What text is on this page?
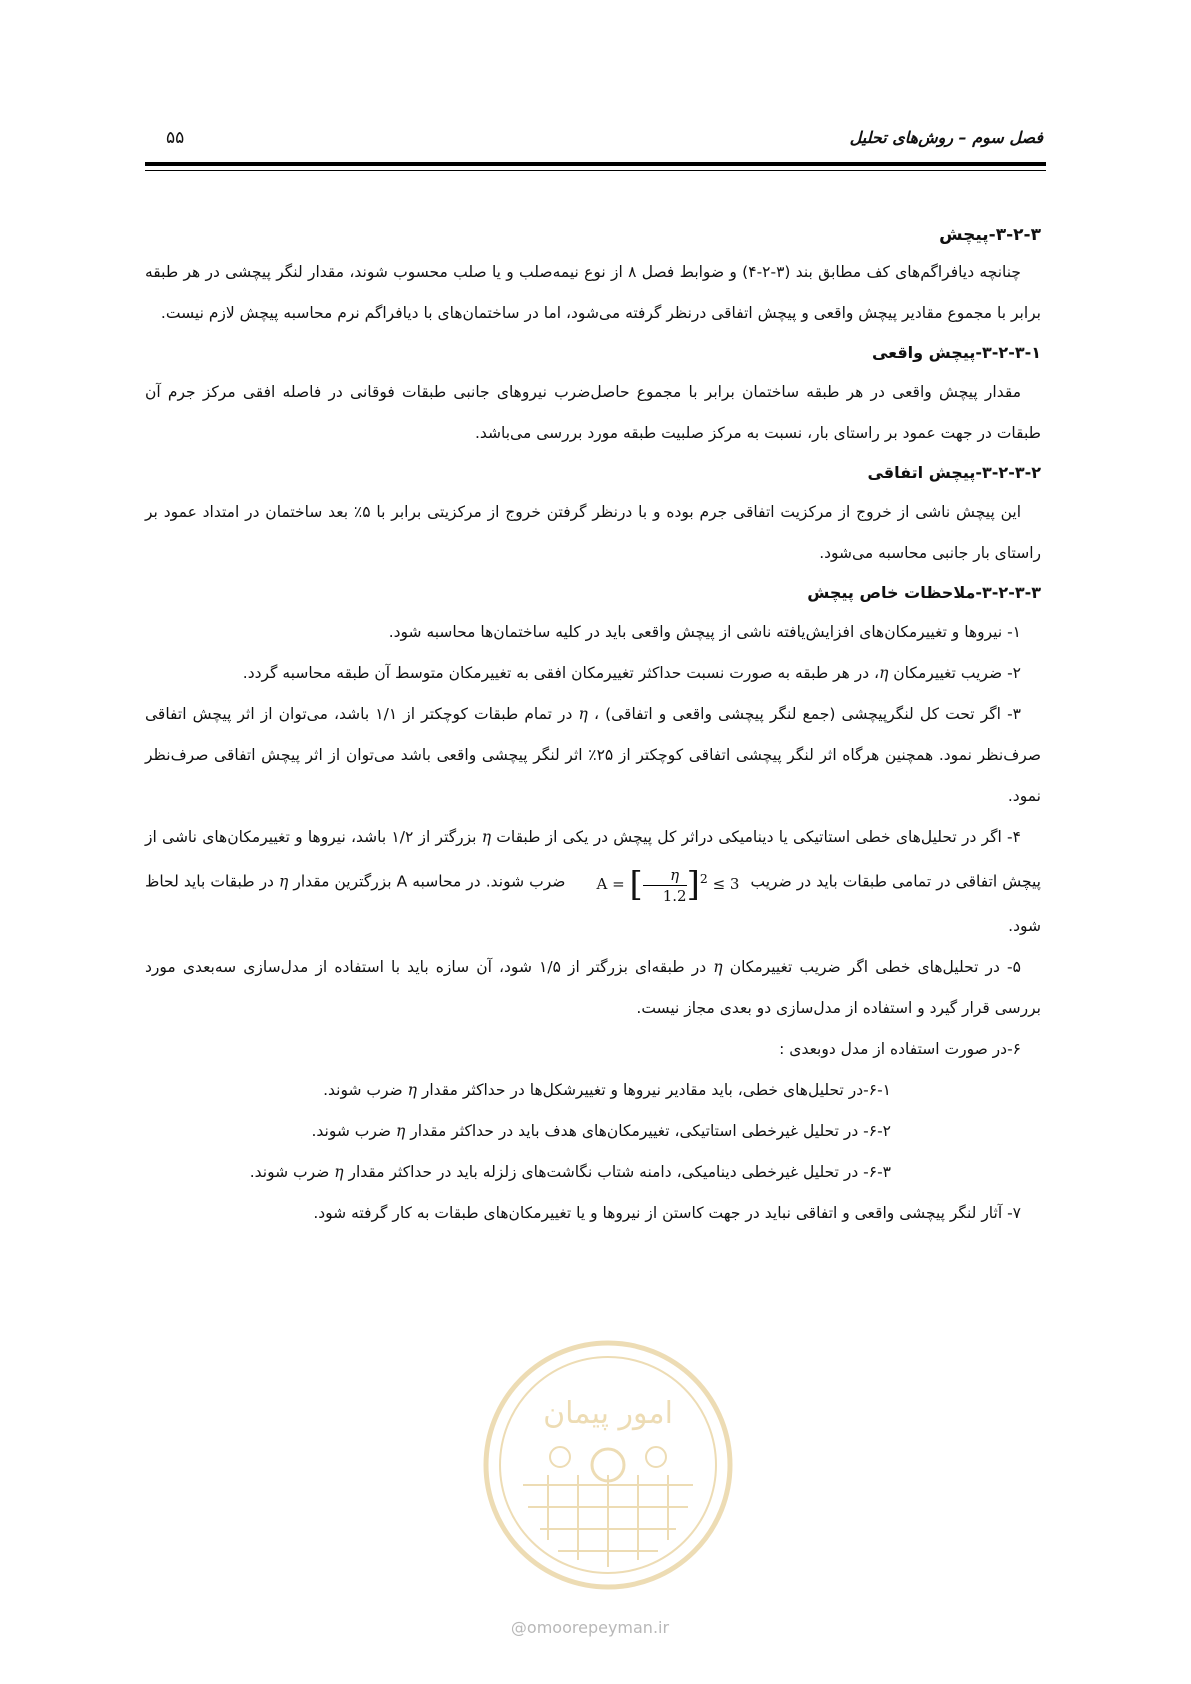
فصل سوم – روش‌های تحلیل
۵۵
۳-۲-۳-پیچش

چنانچه دیافراگم‌های کف مطابق بند (۳-۲-۴) و ضوابط فصل ۸ از نوع نیمه‌صلب و یا صلب محسوب شوند، مقدار لنگر پیچشی در هر طبقه برابر با مجموع مقادیر پیچش واقعی و پیچش اتفاقی درنظر گرفته می‌شود، اما در ساختمان‌های با دیافراگم نرم محاسبه پیچش لازم نیست.

۳-۲-۳-۱-پیچش واقعی

مقدار پیچش واقعی در هر طبقه ساختمان برابر با مجموع حاصل‌ضرب نیروهای جانبی طبقات فوقانی در فاصله افقی مرکز جرم آن طبقات در جهت عمود بر راستای بار، نسبت به مرکز صلبیت طبقه مورد بررسی می‌باشد.

۳-۲-۳-۲-پیچش اتفاقی

این پیچش ناشی از خروج از مرکزیت اتفاقی جرم بوده و با درنظر گرفتن خروج از مرکزیتی برابر با ۵٪ بعد ساختمان در امتداد عمود بر راستای بار جانبی محاسبه می‌شود.

۳-۲-۳-۳-ملاحظات خاص پیچش

۱- نیروها و تغییرمکان‌های افزایش‌یافته ناشی از پیچش واقعی باید در کلیه ساختمان‌ها محاسبه شود.

۲- ضریب تغییرمکان η، در هر طبقه به صورت نسبت حداکثر تغییرمکان افقی به تغییرمکان متوسط آن طبقه محاسبه گردد.

۳- اگر تحت کل لنگرپیچشی (جمع لنگر پیچشی واقعی و اتفاقی) ، η در تمام طبقات کوچکتر از ۱/۱ باشد، می‌توان از اثر پیچش اتفاقی صرف‌نظر نمود. همچنین هرگاه اثر لنگر پیچشی اتفاقی کوچکتر از ۲۵٪ اثر لنگر پیچشی واقعی باشد می‌توان از اثر پیچش اتفاقی صرف‌نظر نمود.

۴- اگر در تحلیل‌های خطی استاتیکی یا دینامیکی دراثر کل پیچش در یکی از طبقات η بزرگتر از ۱/۲ باشد، نیروها و تغییرمکان‌های ناشی از پیچش اتفاقی در تمامی طبقات باید در ضریب A = [ $\frac{\eta}{1.2} ]^2 \le 3$ ضرب شوند. در محاسبه A بزرگترین مقدار η در طبقات باید لحاظ شود.

۵- در تحلیل‌های خطی اگر ضریب تغییرمکان η در طبقه‌ای بزرگتر از ۱/۵ شود، آن سازه باید با استفاده از مدل‌سازی سه‌بعدی مورد بررسی قرار گیرد و استفاده از مدل‌سازی دو بعدی مجاز نیست.

۶-در صورت استفاده از مدل دوبعدی :

۶-۱-در تحلیل‌های خطی، باید مقادیر نیروها و تغییرشکل‌ها در حداکثر مقدار η ضرب شوند.

۶-۲- در تحلیل غیرخطی استاتیکی، تغییرمکان‌های هدف باید در حداکثر مقدار η ضرب شوند.

۶-۳- در تحلیل غیرخطی دینامیکی، دامنه شتاب نگاشت‌های زلزله باید در حداکثر مقدار η ضرب شوند.

۷- آثار لنگر پیچشی واقعی و اتفاقی نباید در جهت کاستن از نیروها و یا تغییرمکان‌های طبقات به کار گرفته شود.

امور پیمان
@omoorepeyman.ir
